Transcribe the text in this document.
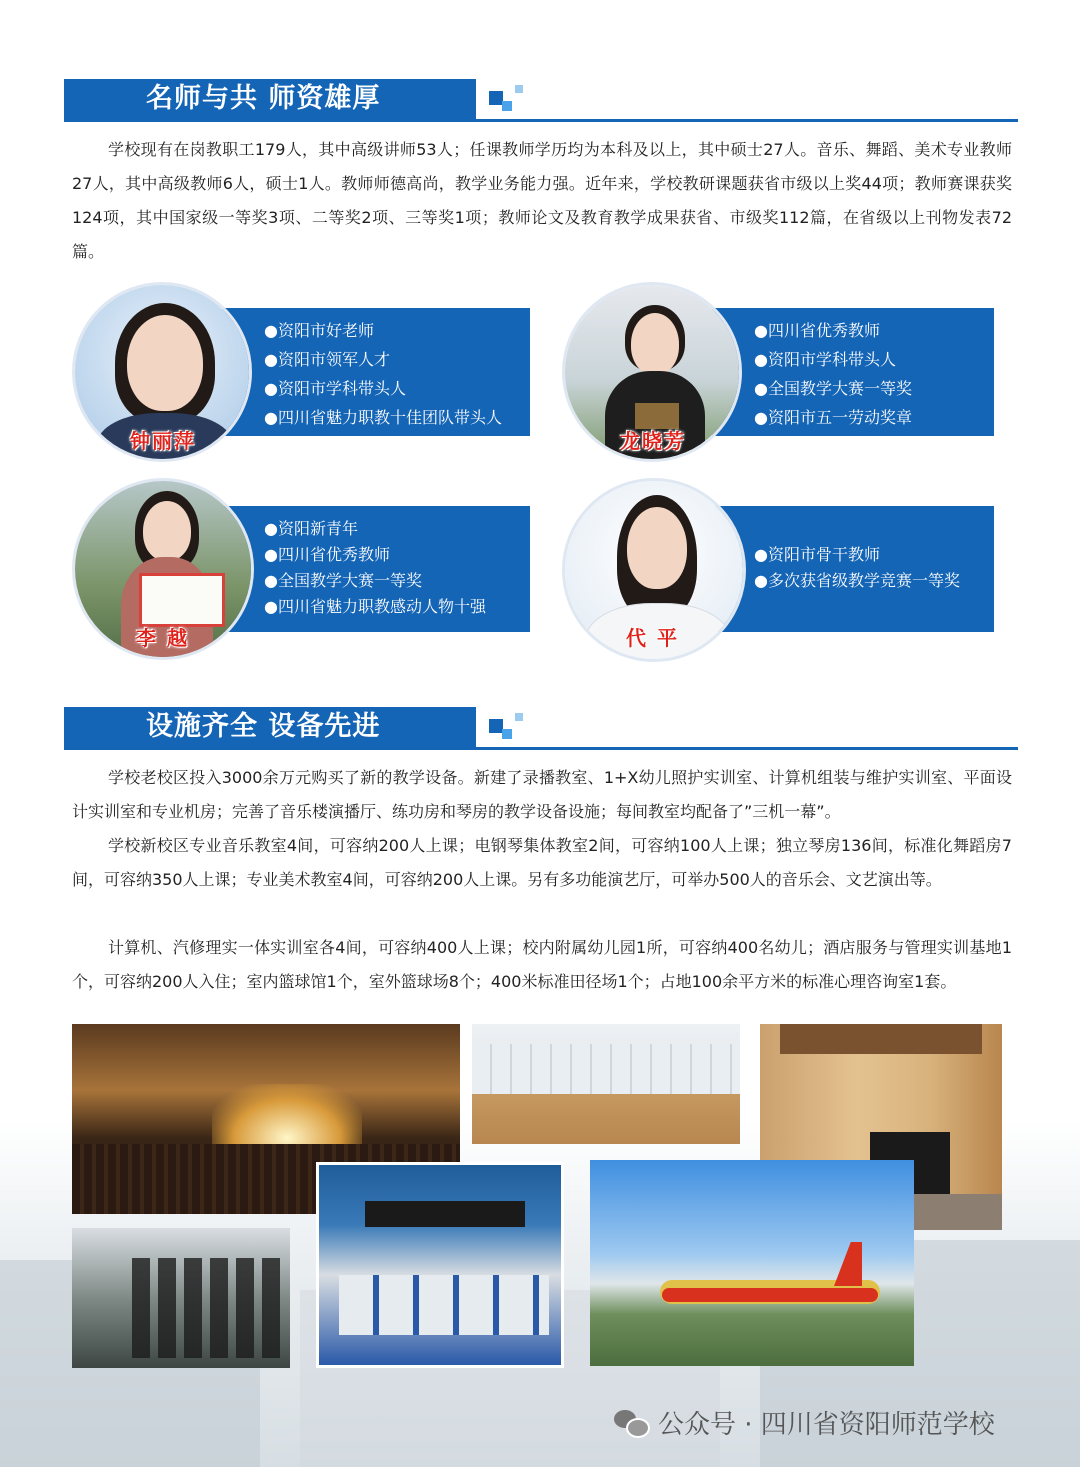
名师与共 师资雄厚

学校现有在岗教职工179人，其中高级讲师53人；任课教师学历均为本科及以上，其中硕士27人。音乐、舞蹈、美术专业教师27人，其中高级教师6人，硕士1人。教师师德高尚，教学业务能力强。近年来，学校教研课题获省市级以上奖44项；教师赛课获奖124项，其中国家级一等奖3项、二等奖2项、三等奖1项；教师论文及教育教学成果获省、市级奖112篇，在省级以上刊物发表72篇。

钟丽萍
●资阳市好老师
●资阳市领军人才
●资阳市学科带头人
●四川省魅力职教十佳团队带头人
龙晓芳
●四川省优秀教师
●资阳市学科带头人
●全国教学大赛一等奖
●资阳市五一劳动奖章
李 越
●资阳新青年
●四川省优秀教师
●全国教学大赛一等奖
●四川省魅力职教感动人物十强
代 平
●资阳市骨干教师
●多次获省级教学竞赛一等奖
设施齐全 设备先进

学校老校区投入3000余万元购买了新的教学设备。新建了录播教室、1+X幼儿照护实训室、计算机组装与维护实训室、平面设计实训室和专业机房；完善了音乐楼演播厅、练功房和琴房的教学设备设施；每间教室均配备了”三机一幕”。

学校新校区专业音乐教室4间，可容纳200人上课；电钢琴集体教室2间，可容纳100人上课；独立琴房136间，标准化舞蹈房7间，可容纳350人上课；专业美术教室4间，可容纳200人上课。另有多功能演艺厅，可举办500人的音乐会、文艺演出等。

计算机、汽修理实一体实训室各4间，可容纳400人上课；校内附属幼儿园1所，可容纳400名幼儿；酒店服务与管理实训基地1个，可容纳200人入住；室内篮球馆1个，室外篮球场8个；400米标准田径场1个；占地100余平方米的标准心理咨询室1套。

公众号 · 四川省资阳师范学校
